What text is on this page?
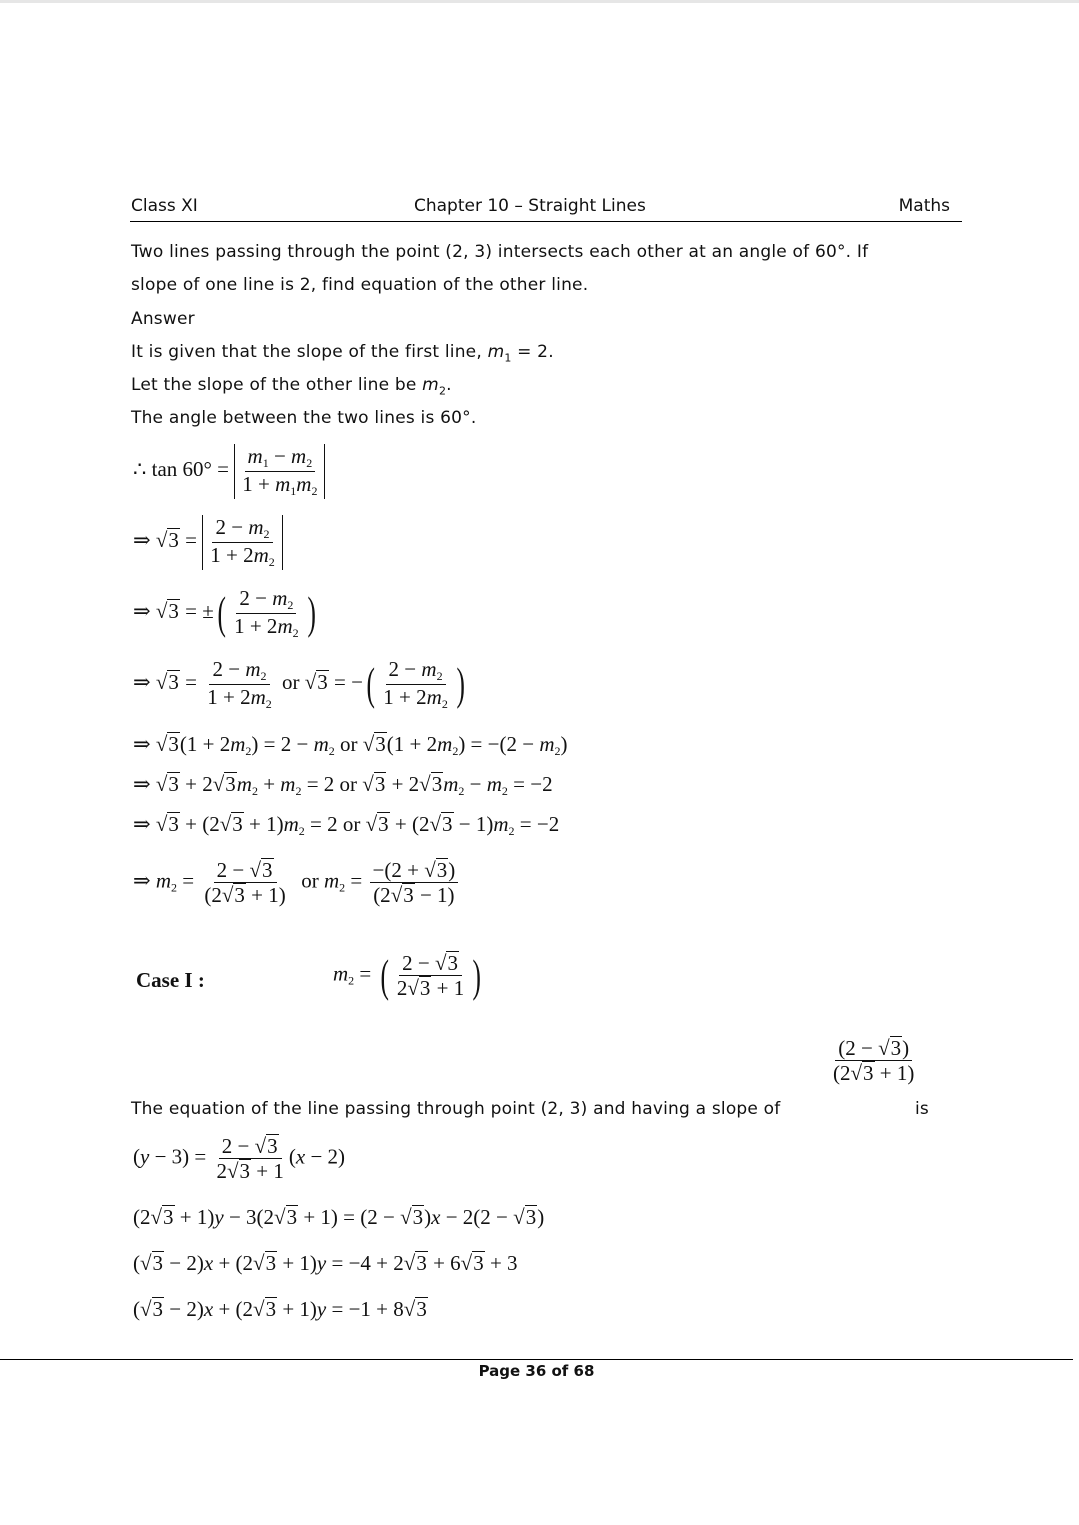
Class XI	Chapter 10 – Straight Lines	Maths
Two lines passing through the point (2, 3) intersects each other at an angle of 60°. If
slope of one line is 2, find equation of the other line.
Answer
It is given that the slope of the first line, $m_1 = 2$.
Let the slope of the other line be $m_2$.
The angle between the two lines is 60°.
∴ $\tan 60^\circ = \frac{m_1 - m_2}{1 + m_1m_2}$
⇒ $√3 = \frac{2 - m_2}{1 + 2m_2}$
⇒ √3 = ± ( $\frac{2 - m_2}{1 + 2m_2}$ )
⇒ $√3 = \frac{2 - m_2}{1 + 2m_2}$ or √3 = − ( $\frac{2 - m_2}{1 + 2m_2}$ )
⇒ $√3(1 + 2m_2) = 2 - m_2$ or $√3(1 + 2m_2) = -(2 - m_2)$
⇒ $√3 + 2√3m_2 + m_2 = 2$ or $√3 + 2√3m_2 - m_2 = -2$
⇒ $√3 + (2√3 + 1)m_2 = 2$ or $√3 + (2√3 - 1)m_2 = -2$
⇒ $m_2 = \frac{2 - √3}{(2√3 + 1)}$ or $m_2 = \frac{-(2 + √3)}{(2√3 - 1)}$
Case I :	$m_2$ = ( $\frac{2 - √3}{2√3 + 1}$ )
$\frac{(2 - √3)}{(2√3 + 1)}$
The equation of the line passing through point (2, 3) and having a slope of	is
$(y - 3) = \frac{2 - √3}{2√3 + 1} (x - 2)$
(2√3 + 1)y − 3(2√3 + 1) = (2 − √3)x − 2(2 − √3)
(√3 − 2)x + (2√3 + 1)y = −4 + 2√3 + 6√3 + 3
(√3 − 2)x + (2√3 + 1)y = −1 + 8√3
Page 36 of 68
